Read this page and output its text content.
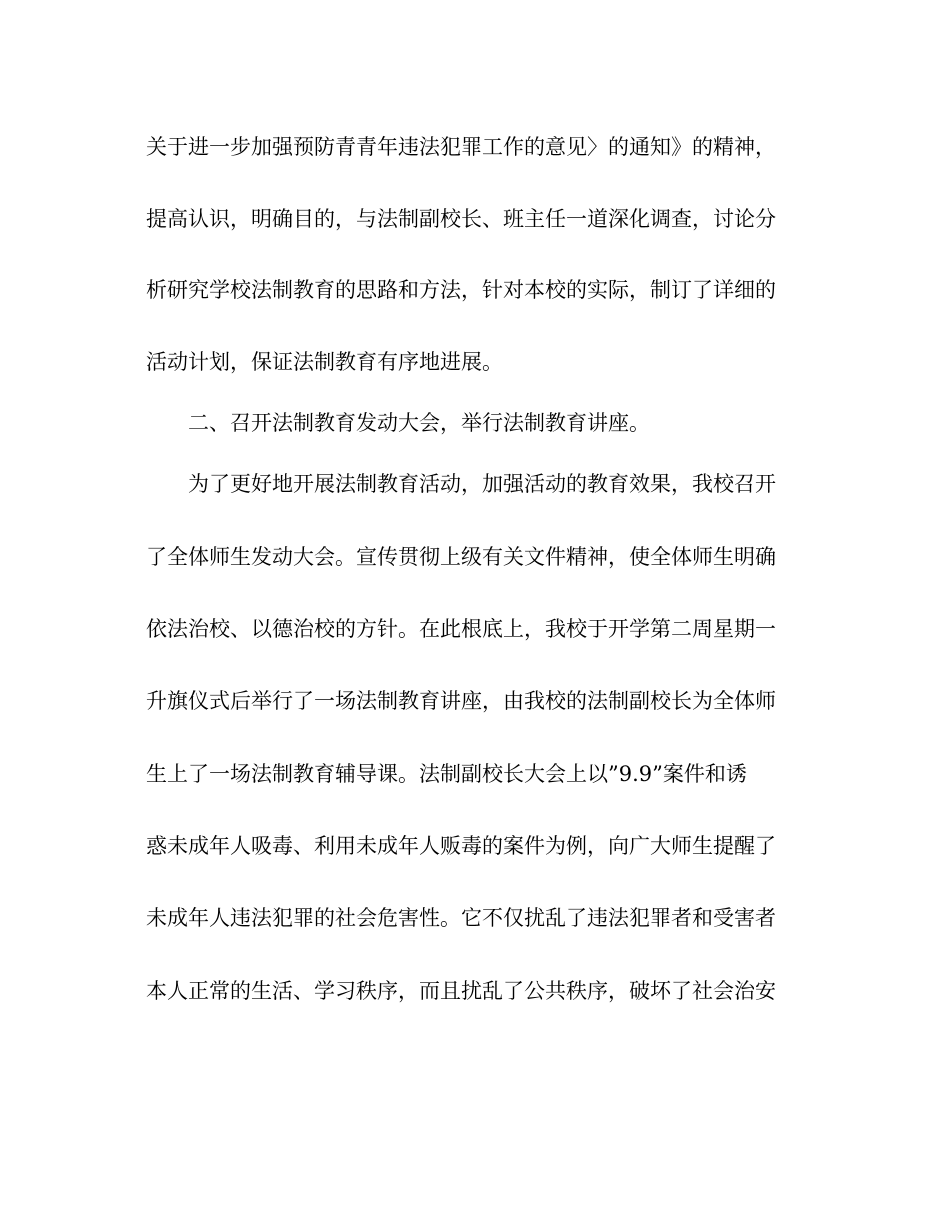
关于进一步加强预防青青年违法犯罪工作的意见〉的通知》的精神，
提高认识，明确目的，与法制副校长、班主任一道深化调查，讨论分
析研究学校法制教育的思路和方法，针对本校的实际，制订了详细的
活动计划，保证法制教育有序地进展。
二、召开法制教育发动大会，举行法制教育讲座。
为了更好地开展法制教育活动，加强活动的教育效果，我校召开
了全体师生发动大会。宣传贯彻上级有关文件精神，使全体师生明确
依法治校、以德治校的方针。在此根底上，我校于开学第二周星期一
升旗仪式后举行了一场法制教育讲座，由我校的法制副校长为全体师
生上了一场法制教育辅导课。法制副校长大会上以”9.9”案件和诱
惑未成年人吸毒、利用未成年人贩毒的案件为例，向广大师生提醒了
未成年人违法犯罪的社会危害性。它不仅扰乱了违法犯罪者和受害者
本人正常的生活、学习秩序，而且扰乱了公共秩序，破坏了社会治安
